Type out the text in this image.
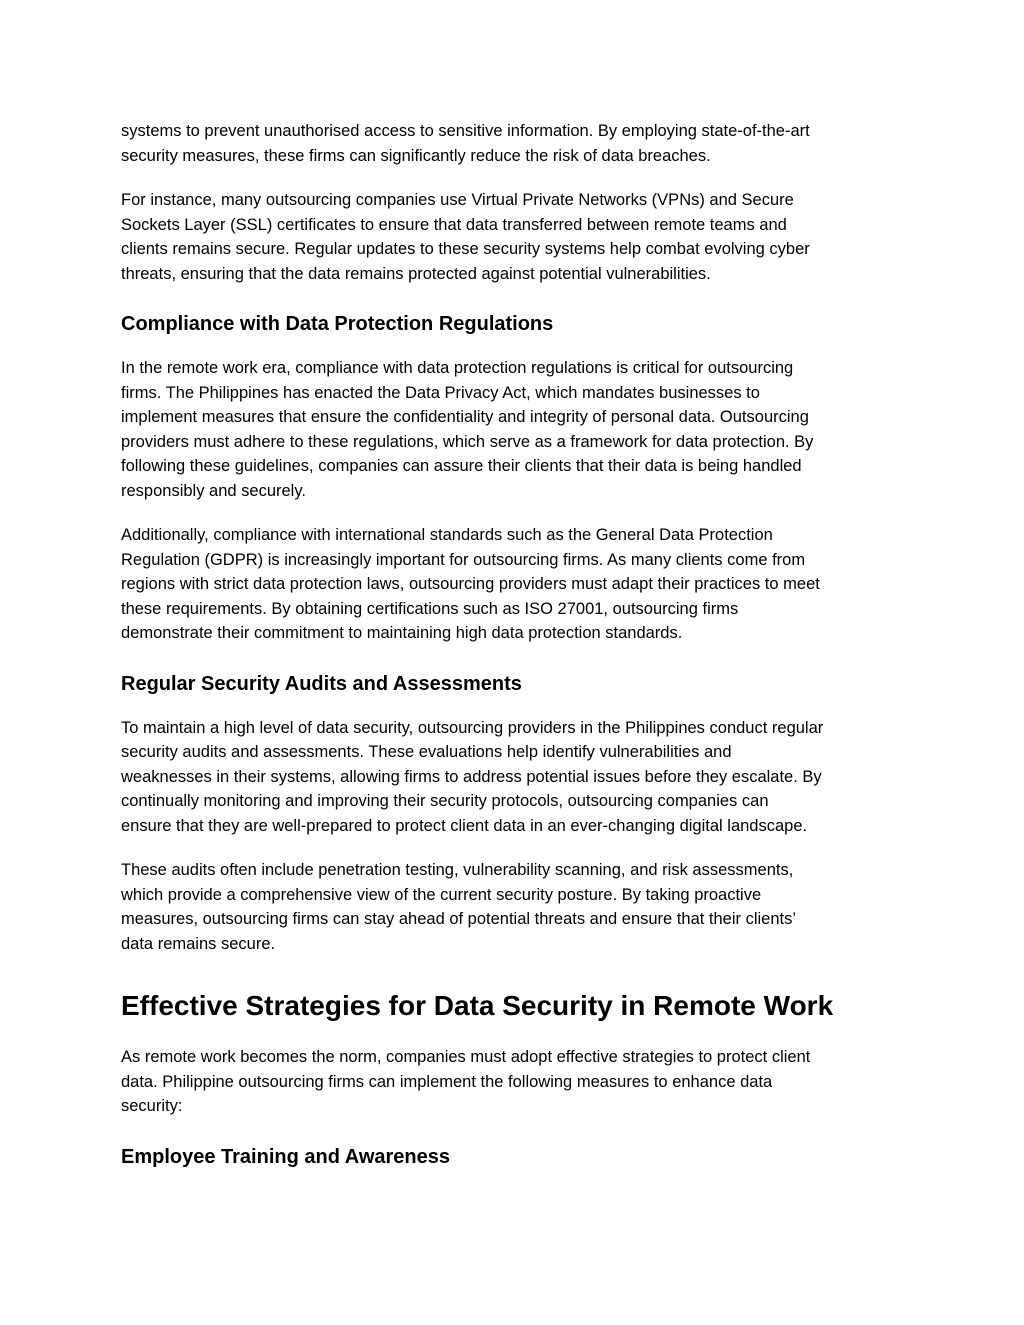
systems to prevent unauthorised access to sensitive information. By employing state-of-the-art
security measures, these firms can significantly reduce the risk of data breaches.

For instance, many outsourcing companies use Virtual Private Networks (VPNs) and Secure
Sockets Layer (SSL) certificates to ensure that data transferred between remote teams and
clients remains secure. Regular updates to these security systems help combat evolving cyber
threats, ensuring that the data remains protected against potential vulnerabilities.

Compliance with Data Protection Regulations

In the remote work era, compliance with data protection regulations is critical for outsourcing
firms. The Philippines has enacted the Data Privacy Act, which mandates businesses to
implement measures that ensure the confidentiality and integrity of personal data. Outsourcing
providers must adhere to these regulations, which serve as a framework for data protection. By
following these guidelines, companies can assure their clients that their data is being handled
responsibly and securely.

Additionally, compliance with international standards such as the General Data Protection
Regulation (GDPR) is increasingly important for outsourcing firms. As many clients come from
regions with strict data protection laws, outsourcing providers must adapt their practices to meet
these requirements. By obtaining certifications such as ISO 27001, outsourcing firms
demonstrate their commitment to maintaining high data protection standards.

Regular Security Audits and Assessments

To maintain a high level of data security, outsourcing providers in the Philippines conduct regular
security audits and assessments. These evaluations help identify vulnerabilities and
weaknesses in their systems, allowing firms to address potential issues before they escalate. By
continually monitoring and improving their security protocols, outsourcing companies can
ensure that they are well-prepared to protect client data in an ever-changing digital landscape.

These audits often include penetration testing, vulnerability scanning, and risk assessments,
which provide a comprehensive view of the current security posture. By taking proactive
measures, outsourcing firms can stay ahead of potential threats and ensure that their clients’
data remains secure.

Effective Strategies for Data Security in Remote Work

As remote work becomes the norm, companies must adopt effective strategies to protect client
data. Philippine outsourcing firms can implement the following measures to enhance data
security:

Employee Training and Awareness
